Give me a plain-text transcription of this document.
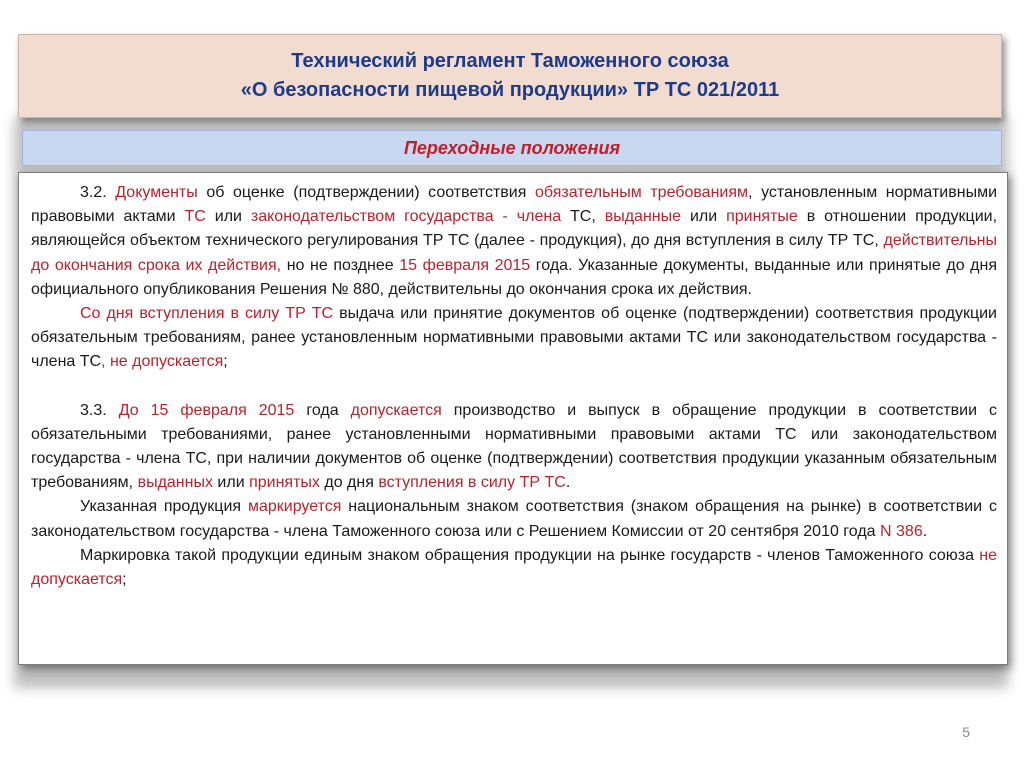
Технический регламент Таможенного союза
«О безопасности пищевой продукции» ТР ТС 021/2011
Переходные положения

3.2. Документы об оценке (подтверждении) соответствия обязательным требованиям, установленным нормативными правовыми актами ТС или законодательством государства - члена ТС, выданные или принятые в отношении продукции, являющейся объектом технического регулирования ТР ТС (далее - продукция), до дня вступления в силу ТР ТС, действительны до окончания срока их действия, но не позднее 15 февраля 2015 года. Указанные документы, выданные или принятые до дня официального опубликования Решения № 880, действительны до окончания срока их действия.

Со дня вступления в силу ТР ТС выдача или принятие документов об оценке (подтверждении) соответствия продукции обязательным требованиям, ранее установленным нормативными правовыми актами ТС или законодательством государства - члена ТС, не допускается;

3.3. До 15 февраля 2015 года допускается производство и выпуск в обращение продукции в соответствии с обязательными требованиями, ранее установленными нормативными правовыми актами ТС или законодательством государства - члена ТС, при наличии документов об оценке (подтверждении) соответствия продукции указанным обязательным требованиям, выданных или принятых до дня вступления в силу ТР ТС.

Указанная продукция маркируется национальным знаком соответствия (знаком обращения на рынке) в соответствии с законодательством государства - члена Таможенного союза или с Решением Комиссии от 20 сентября 2010 года N 386.

Маркировка такой продукции единым знаком обращения продукции на рынке государств - членов Таможенного союза не допускается;

5
